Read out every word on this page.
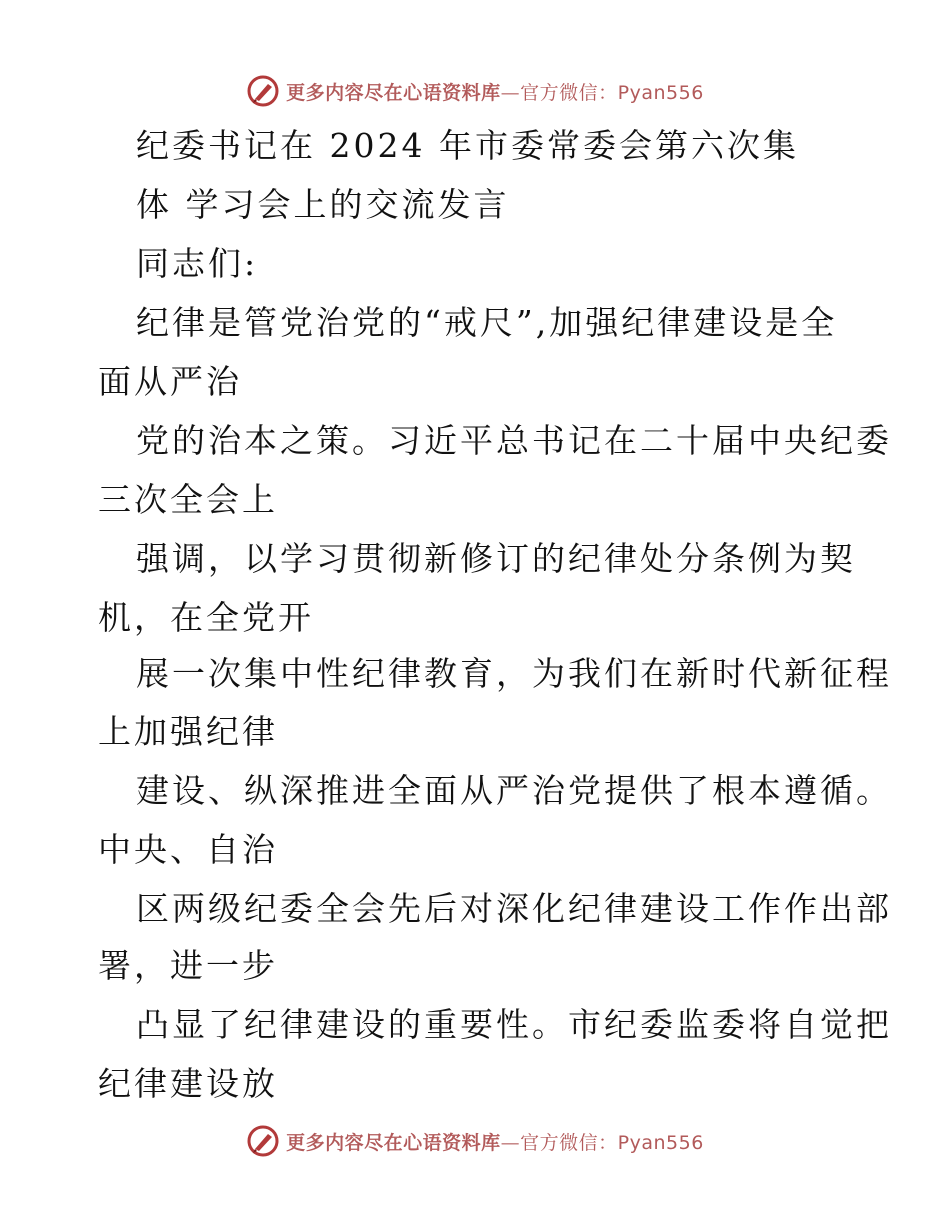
更多内容尽在心语资料库—官方微信：Pyan556
纪委书记在 2024 年市委常委会第六次集
体 学习会上的交流发言
同志们:
纪律是管党治党的“戒尺”,加强纪律建设是全
面从严治
党的治本之策。习近平总书记在二十届中央纪委
三次全会上
强调，以学习贯彻新修订的纪律处分条例为契
机，在全党开
展一次集中性纪律教育，为我们在新时代新征程
上加强纪律
建设、纵深推进全面从严治党提供了根本遵循。
中央、自治
区两级纪委全会先后对深化纪律建设工作作出部
署，进一步
凸显了纪律建设的重要性。市纪委监委将自觉把
纪律建设放
更多内容尽在心语资料库—官方微信：Pyan556
